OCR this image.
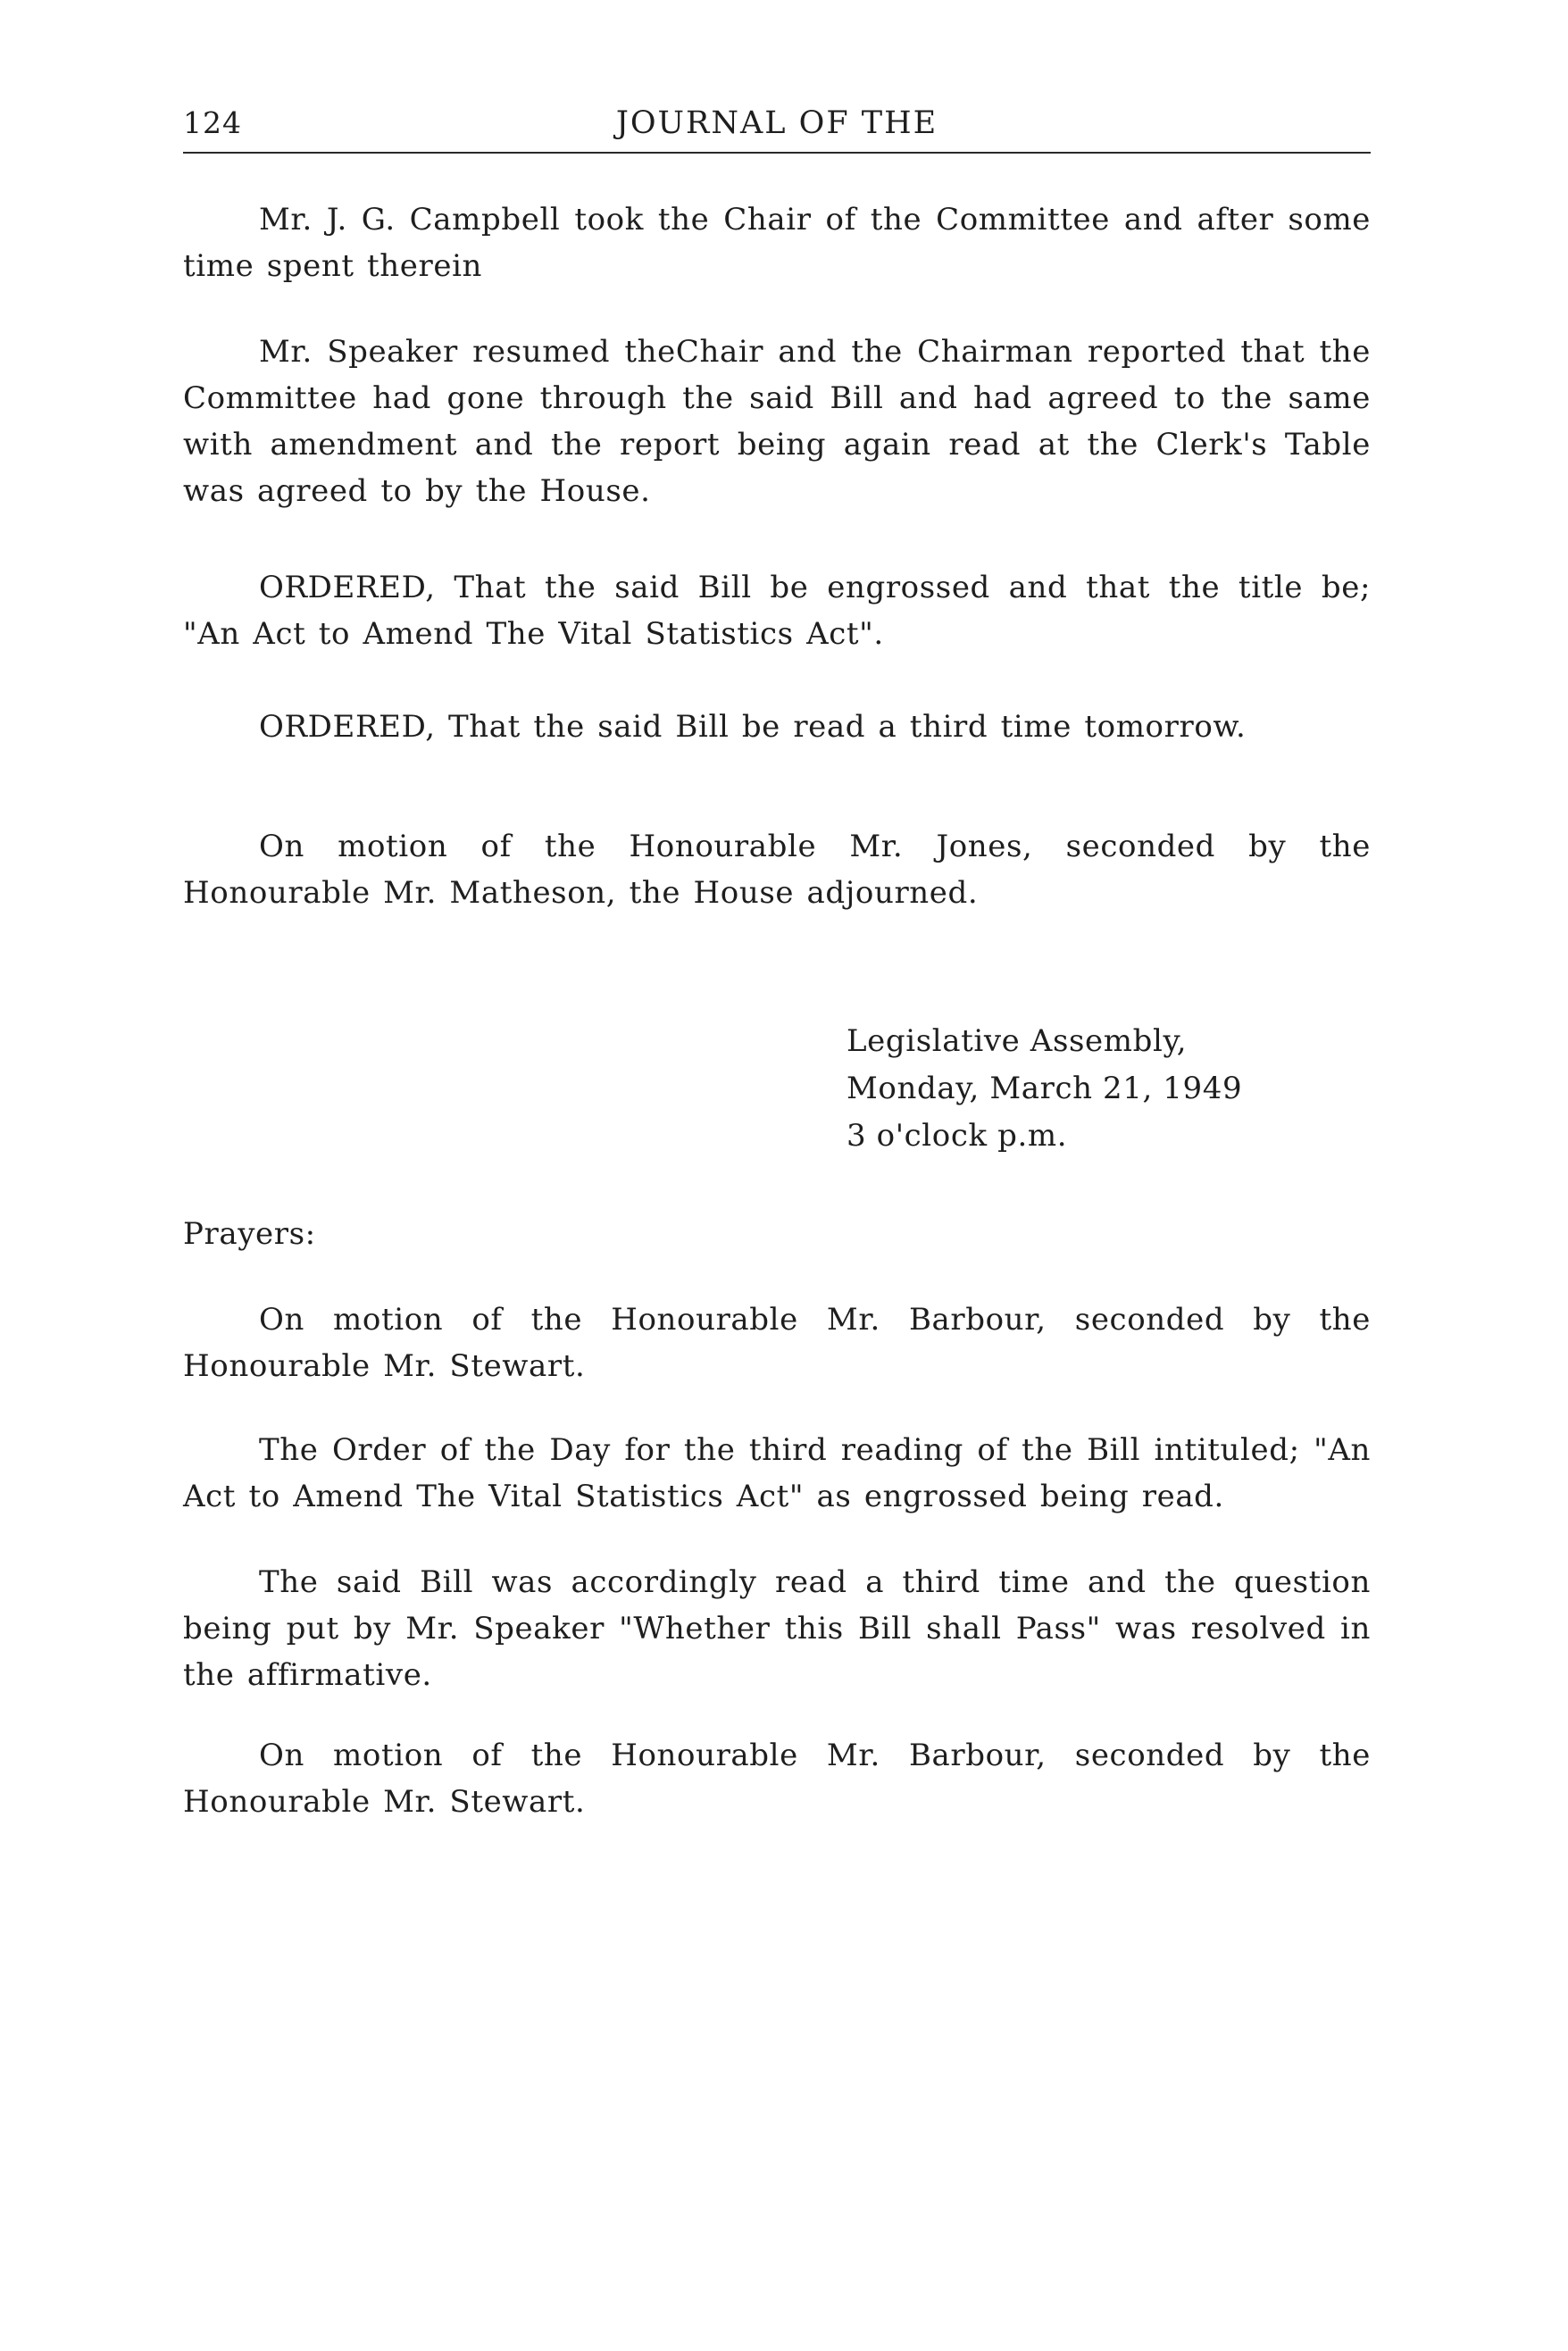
124	JOURNAL OF THE

Mr. J. G. Campbell took the Chair of the Committee and after some time spent therein

Mr. Speaker resumed theChair and the Chairman reported that the Committee had gone through the said Bill and had agreed to the same with amendment and the report being again read at the Clerk's Table was agreed to by the House.

ORDERED, That the said Bill be engrossed and that the title be; "An Act to Amend The Vital Statistics Act".

ORDERED, That the said Bill be read a third time tomorrow.

On motion of the Honourable Mr. Jones, seconded by the Honourable Mr. Matheson, the House adjourned.

Legislative Assembly,
Monday, March 21, 1949
3 o'clock p.m.

Prayers:

On motion of the Honourable Mr. Barbour, seconded by the Honourable Mr. Stewart.

The Order of the Day for the third reading of the Bill intituled; "An Act to Amend The Vital Statistics Act" as engrossed being read.

The said Bill was accordingly read a third time and the question being put by Mr. Speaker "Whether this Bill shall Pass" was resolved in the affirmative.

On motion of the Honourable Mr. Barbour, seconded by the Honourable Mr. Stewart.
